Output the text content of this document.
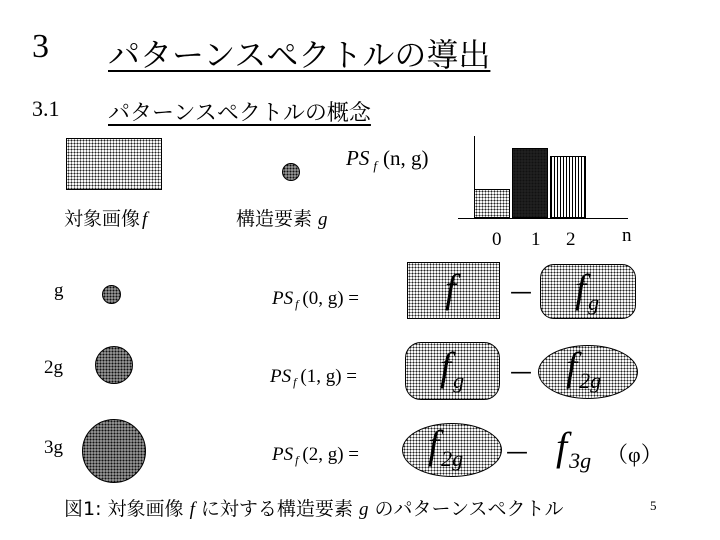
3 パターンスペクトルの導出
3.1 パターンスペクトルの概念
対象画像 f	構造要素 g
PS $_f$ (n, g)
0 1 2 n
g
2g
3g
PS $_f$ (0, g) = f — $f_g$
PS $_f$ (1, $g) = f_g$ — $f_{2g}$
PS $_f$ (2, $g) = f_{2g}$ — $f_{3g}$ （φ）
図1: 対象画像 f に対する構造要素 g のパターンスペクトル	5
